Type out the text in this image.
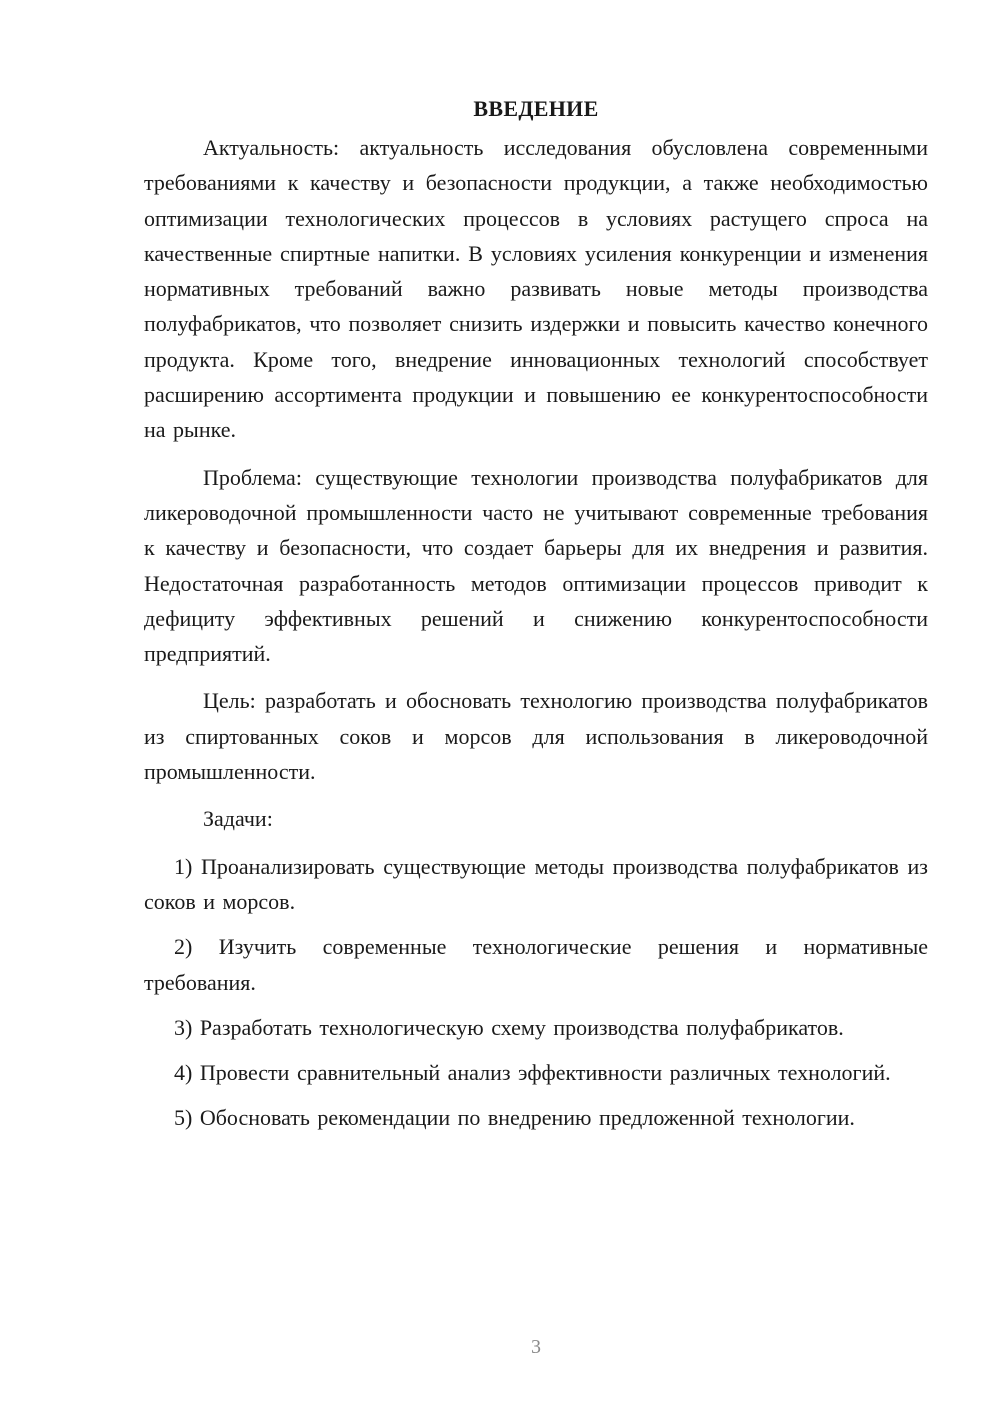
ВВЕДЕНИЕ

Актуальность: актуальность исследования обусловлена современными требованиями к качеству и безопасности продукции, а также необходимостью оптимизации технологических процессов в условиях растущего спроса на качественные спиртные напитки. В условиях усиления конкуренции и изменения нормативных требований важно развивать новые методы производства полуфабрикатов, что позволяет снизить издержки и повысить качество конечного продукта. Кроме того, внедрение инновационных технологий способствует расширению ассортимента продукции и повышению ее конкурентоспособности на рынке.

Проблема: существующие технологии производства полуфабрикатов для ликероводочной промышленности часто не учитывают современные требования к качеству и безопасности, что создает барьеры для их внедрения и развития. Недостаточная разработанность методов оптимизации процессов приводит к дефициту эффективных решений и снижению конкурентоспособности предприятий.

Цель: разработать и обосновать технологию производства полуфабрикатов из спиртованных соков и морсов для использования в ликероводочной промышленности.

Задачи:

1) Проанализировать существующие методы производства полуфабрикатов из соков и морсов.

2) Изучить современные технологические решения и нормативные требования.

3) Разработать технологическую схему производства полуфабрикатов.

4) Провести сравнительный анализ эффективности различных технологий.

5) Обосновать рекомендации по внедрению предложенной технологии.

3
